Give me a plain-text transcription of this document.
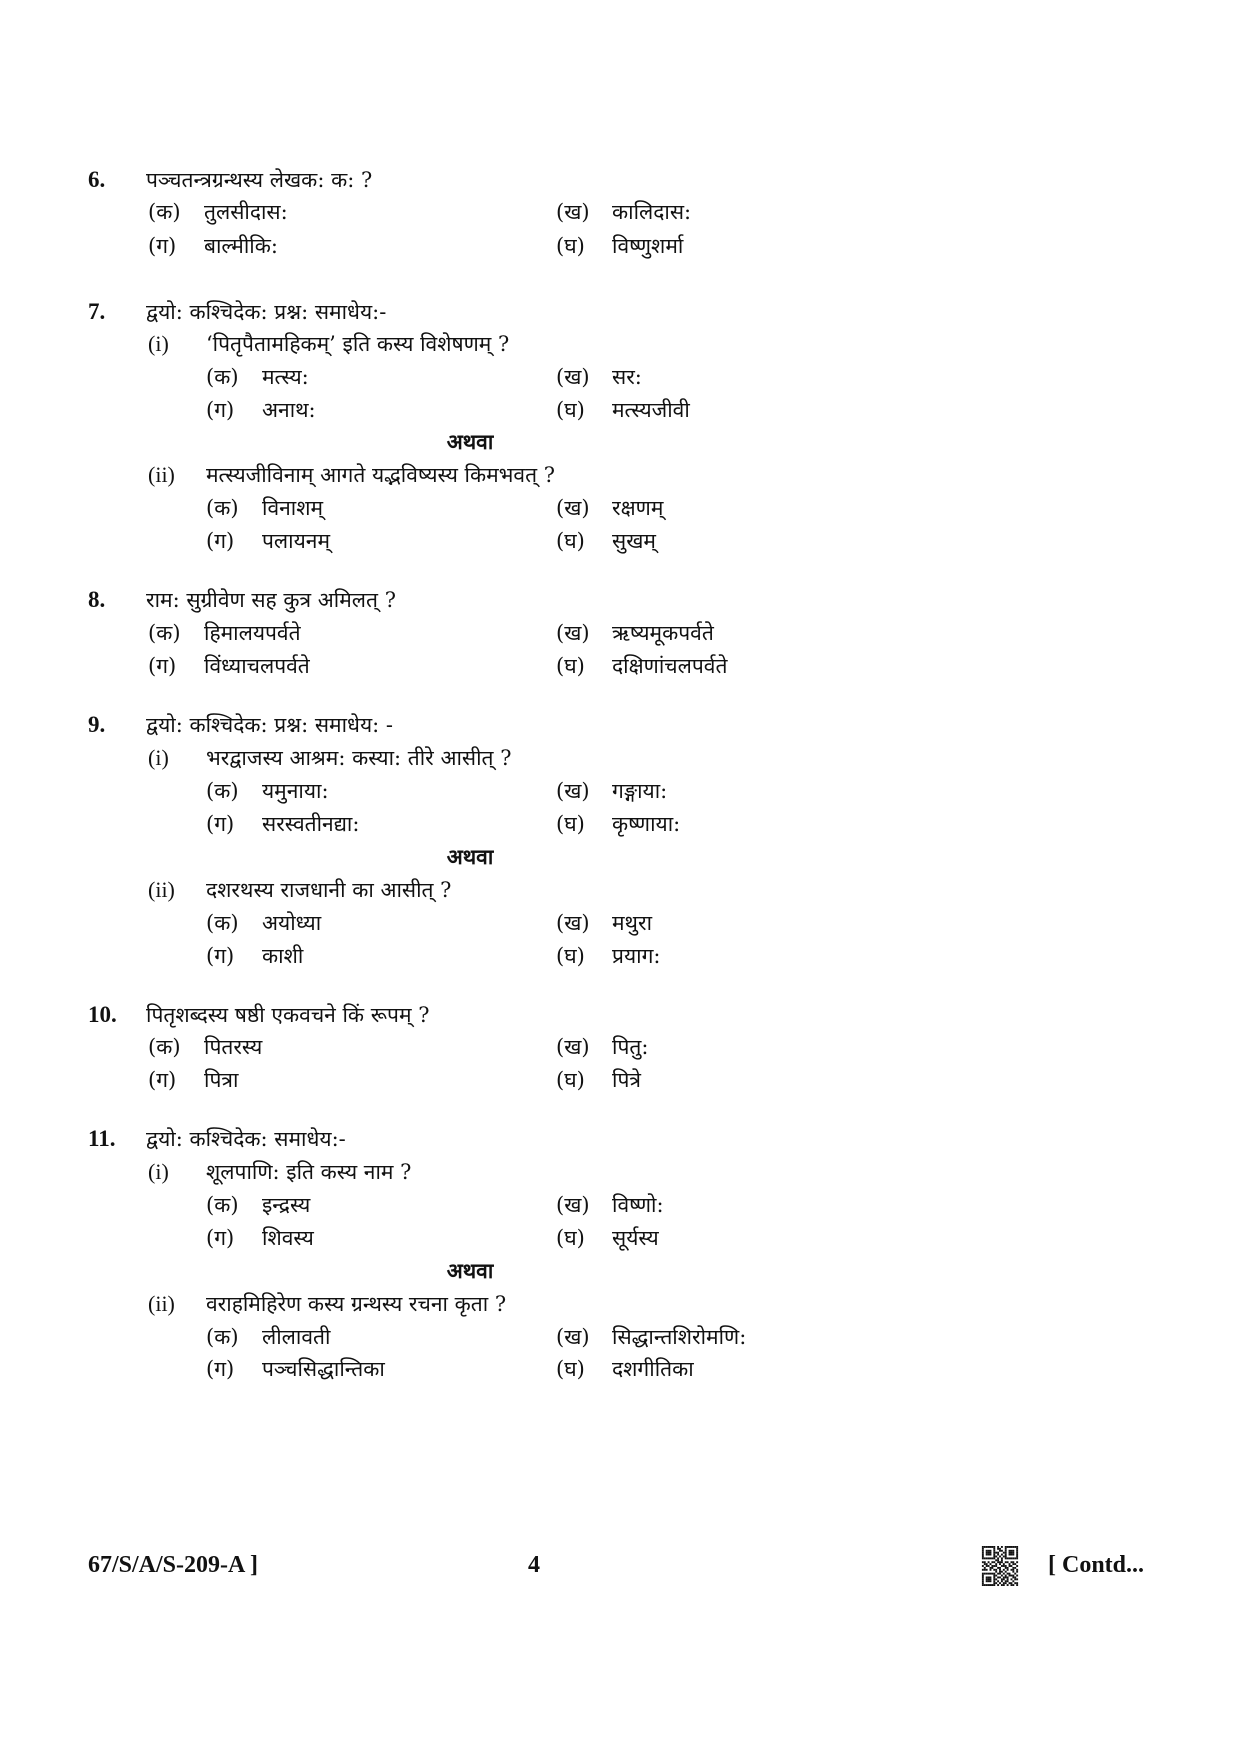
6. पञ्चतन्त्रग्रन्थस्य लेखक: क: ?
(क) तुलसीदास:	(ख) कालिदास:
(ग) बाल्मीकि:	(घ) विष्णुशर्मा
7. द्वयो: कश्चिदेक: प्रश्न: समाधेय:-
(i) ‘पितृपैतामहिकम्’ इति कस्य विशेषणम् ?
(क) मत्स्य:	(ख) सर:
(ग) अनाथ:	(घ) मत्स्यजीवी
(ii) मत्स्यजीविनाम् आगते यद्भविष्यस्य किमभवत् ?
(क) विनाशम्	(ख) रक्षणम्
(ग) पलायनम्	(घ) सुखम्
अथवा
8. राम: सुग्रीवेण सह कुत्र अमिलत् ?
(क) हिमालयपर्वते	(ख) ऋष्यमूकपर्वते
(ग) विंध्याचलपर्वते	(घ) दक्षिणांचलपर्वते
9. द्वयो: कश्चिदेक: प्रश्न: समाधेय: -
(i) भरद्वाजस्य आश्रम: कस्या: तीरे आसीत् ?
(क) यमुनाया:	(ख) गङ्गाया:
(ग) सरस्वतीनद्या:	(घ) कृष्णाया:
(ii) दशरथस्य राजधानी का आसीत् ?
(क) अयोध्या	(ख) मथुरा
(ग) काशी	(घ) प्रयाग:
अथवा
10. पितृशब्दस्य षष्ठी एकवचने किं रूपम् ?
(क) पितरस्य	(ख) पितु:
(ग) पित्रा	(घ) पित्रे
11. द्वयो: कश्चिदेक: समाधेय:-
(i) शूलपाणि: इति कस्य नाम ?
(क) इन्द्रस्य	(ख) विष्णो:
(ग) शिवस्य	(घ) सूर्यस्य
(ii) वराहमिहिरेण कस्य ग्रन्थस्य रचना कृता ?
(क) लीलावती	(ख) सिद्धान्तशिरोमणि:
(ग) पञ्चसिद्धान्तिका	(घ) दशगीतिका
अथवा
67/S/A/S-209-A ]	4	[ Contd...
